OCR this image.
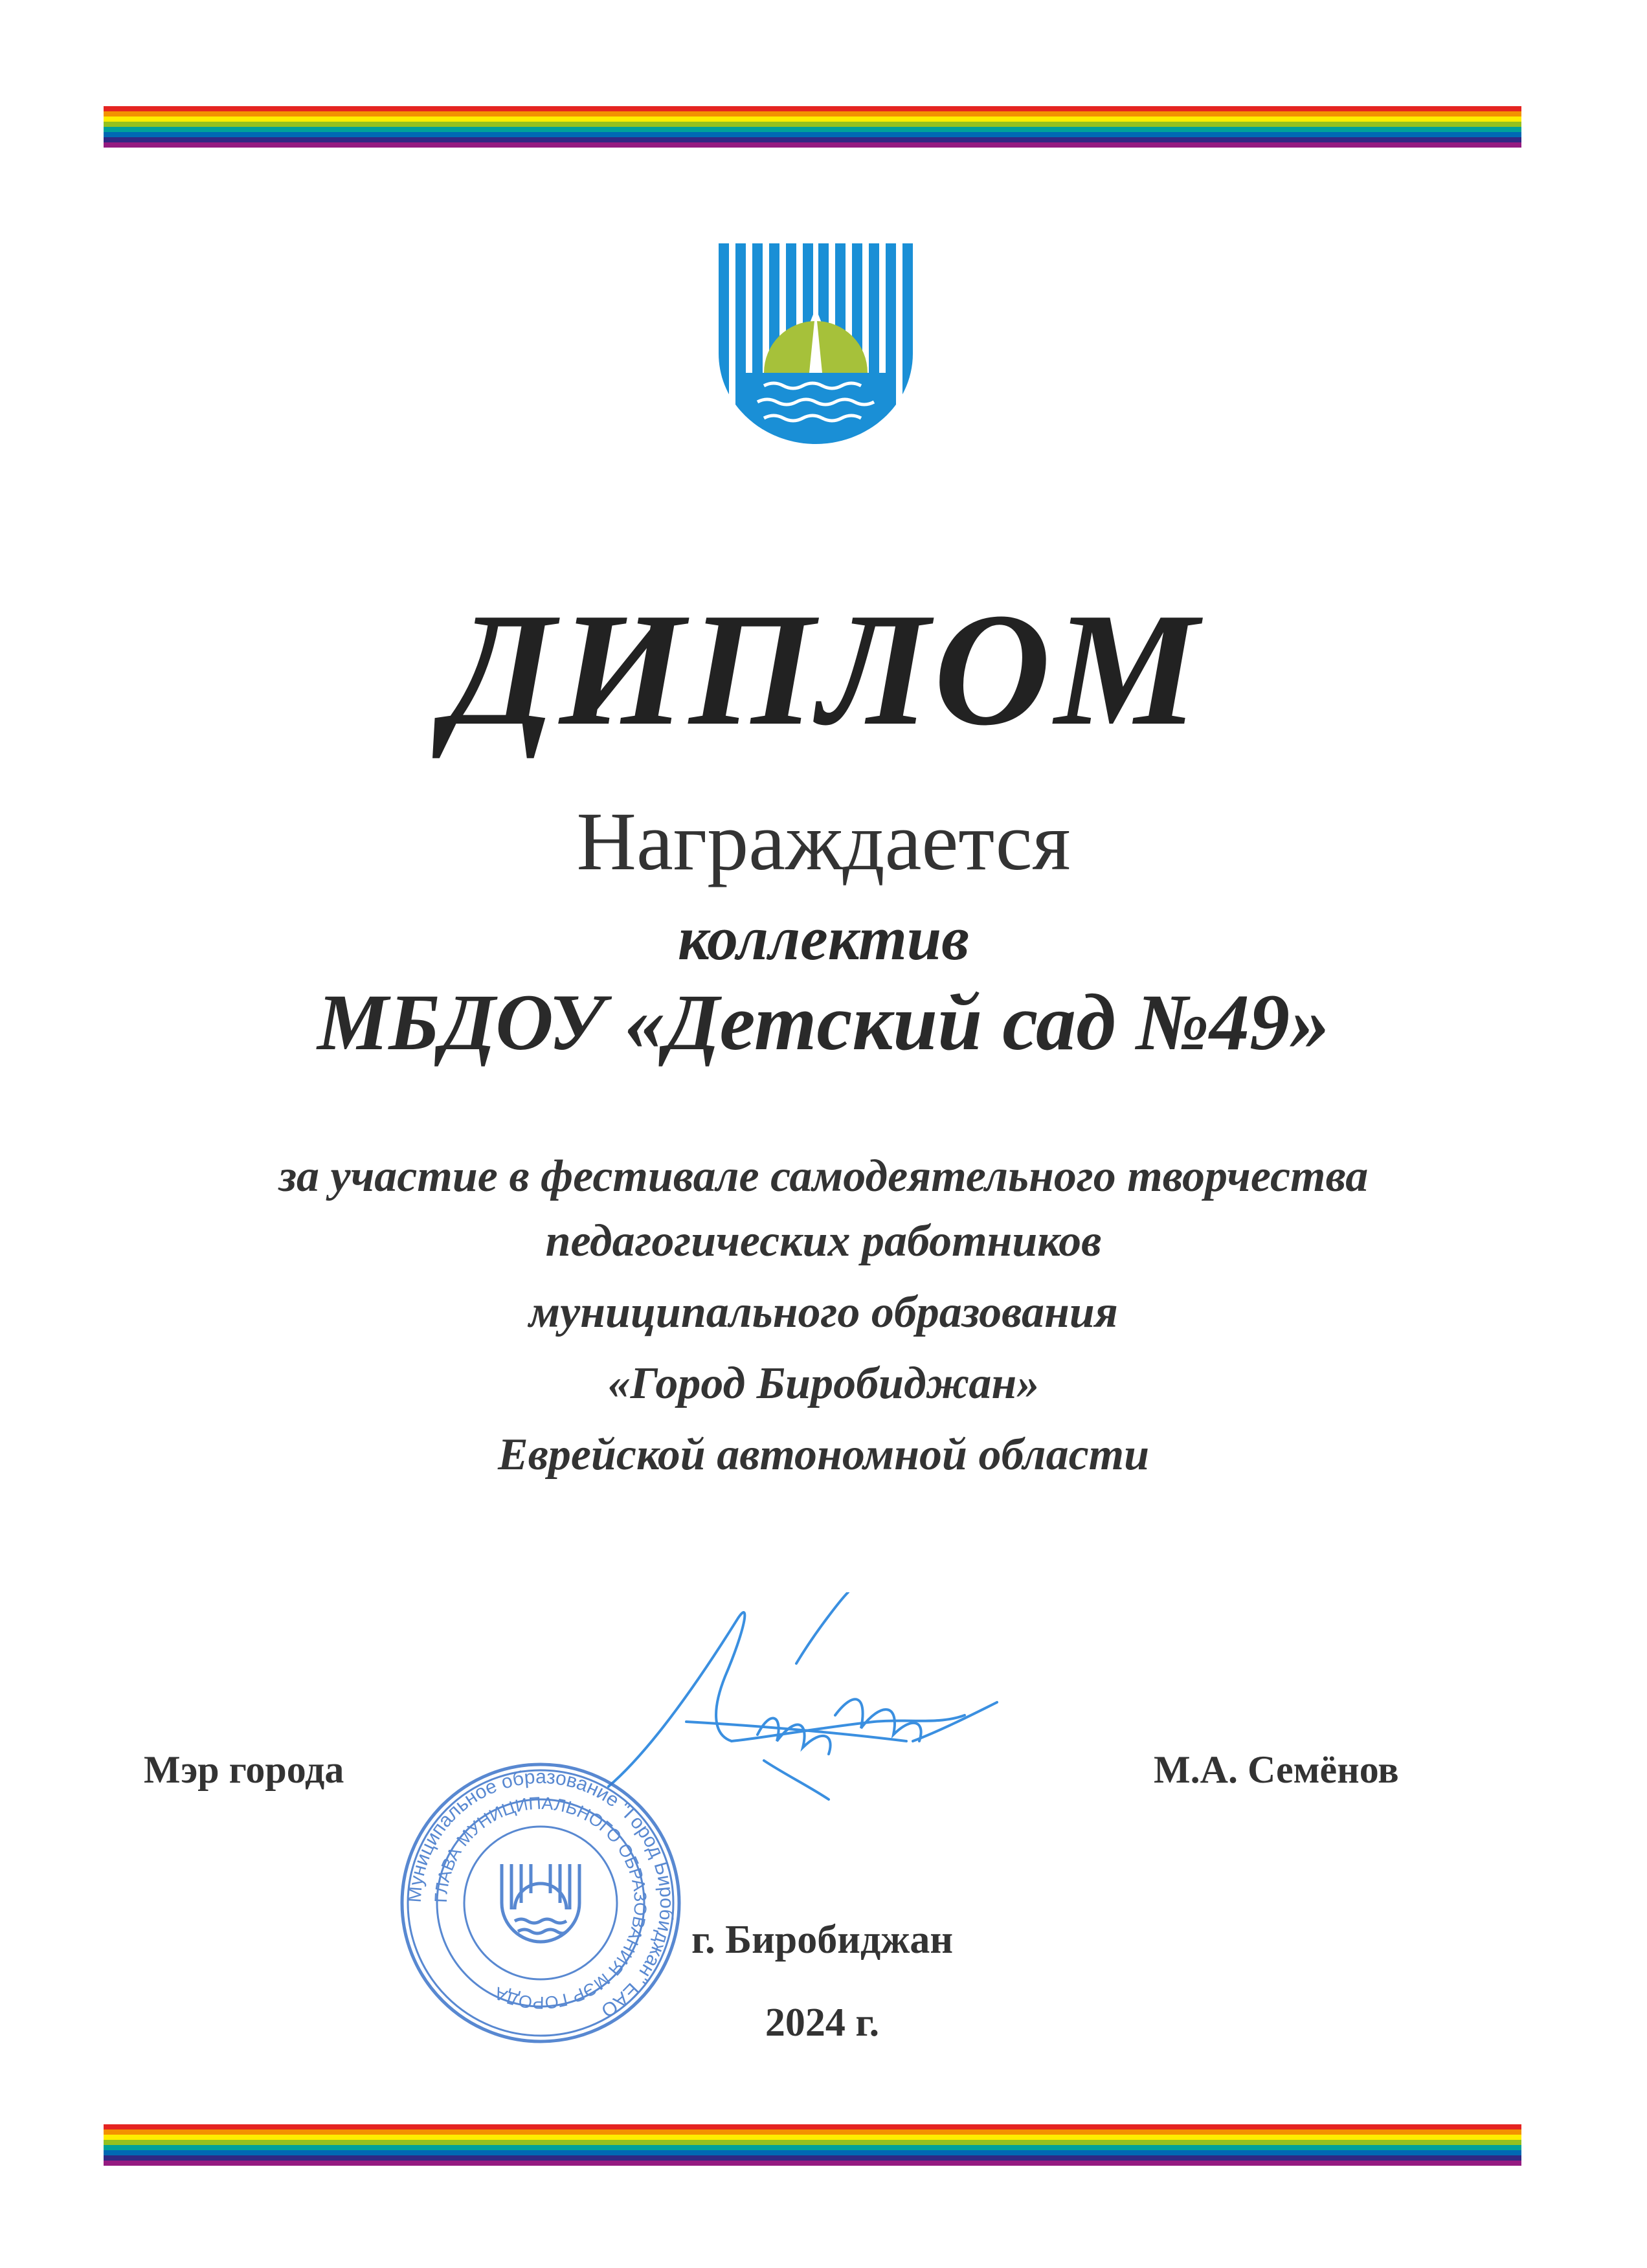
ДИПЛОМ
Награждается
коллектив
МБДОУ «Детский сад №49»
за участие в фестивале самодеятельного творчества
педагогических работников
муниципального образования
«Город Биробиджан»
Еврейской автономной области
Мэр города	М.А. Семёнов
Муниципальное образование "Город Биробиджан" ЕАО
ГЛАВА МУНИЦИПАЛЬНОГО ОБРАЗОВАНИЯ МЭР ГОРОДА
г. Биробиджан
2024 г.
